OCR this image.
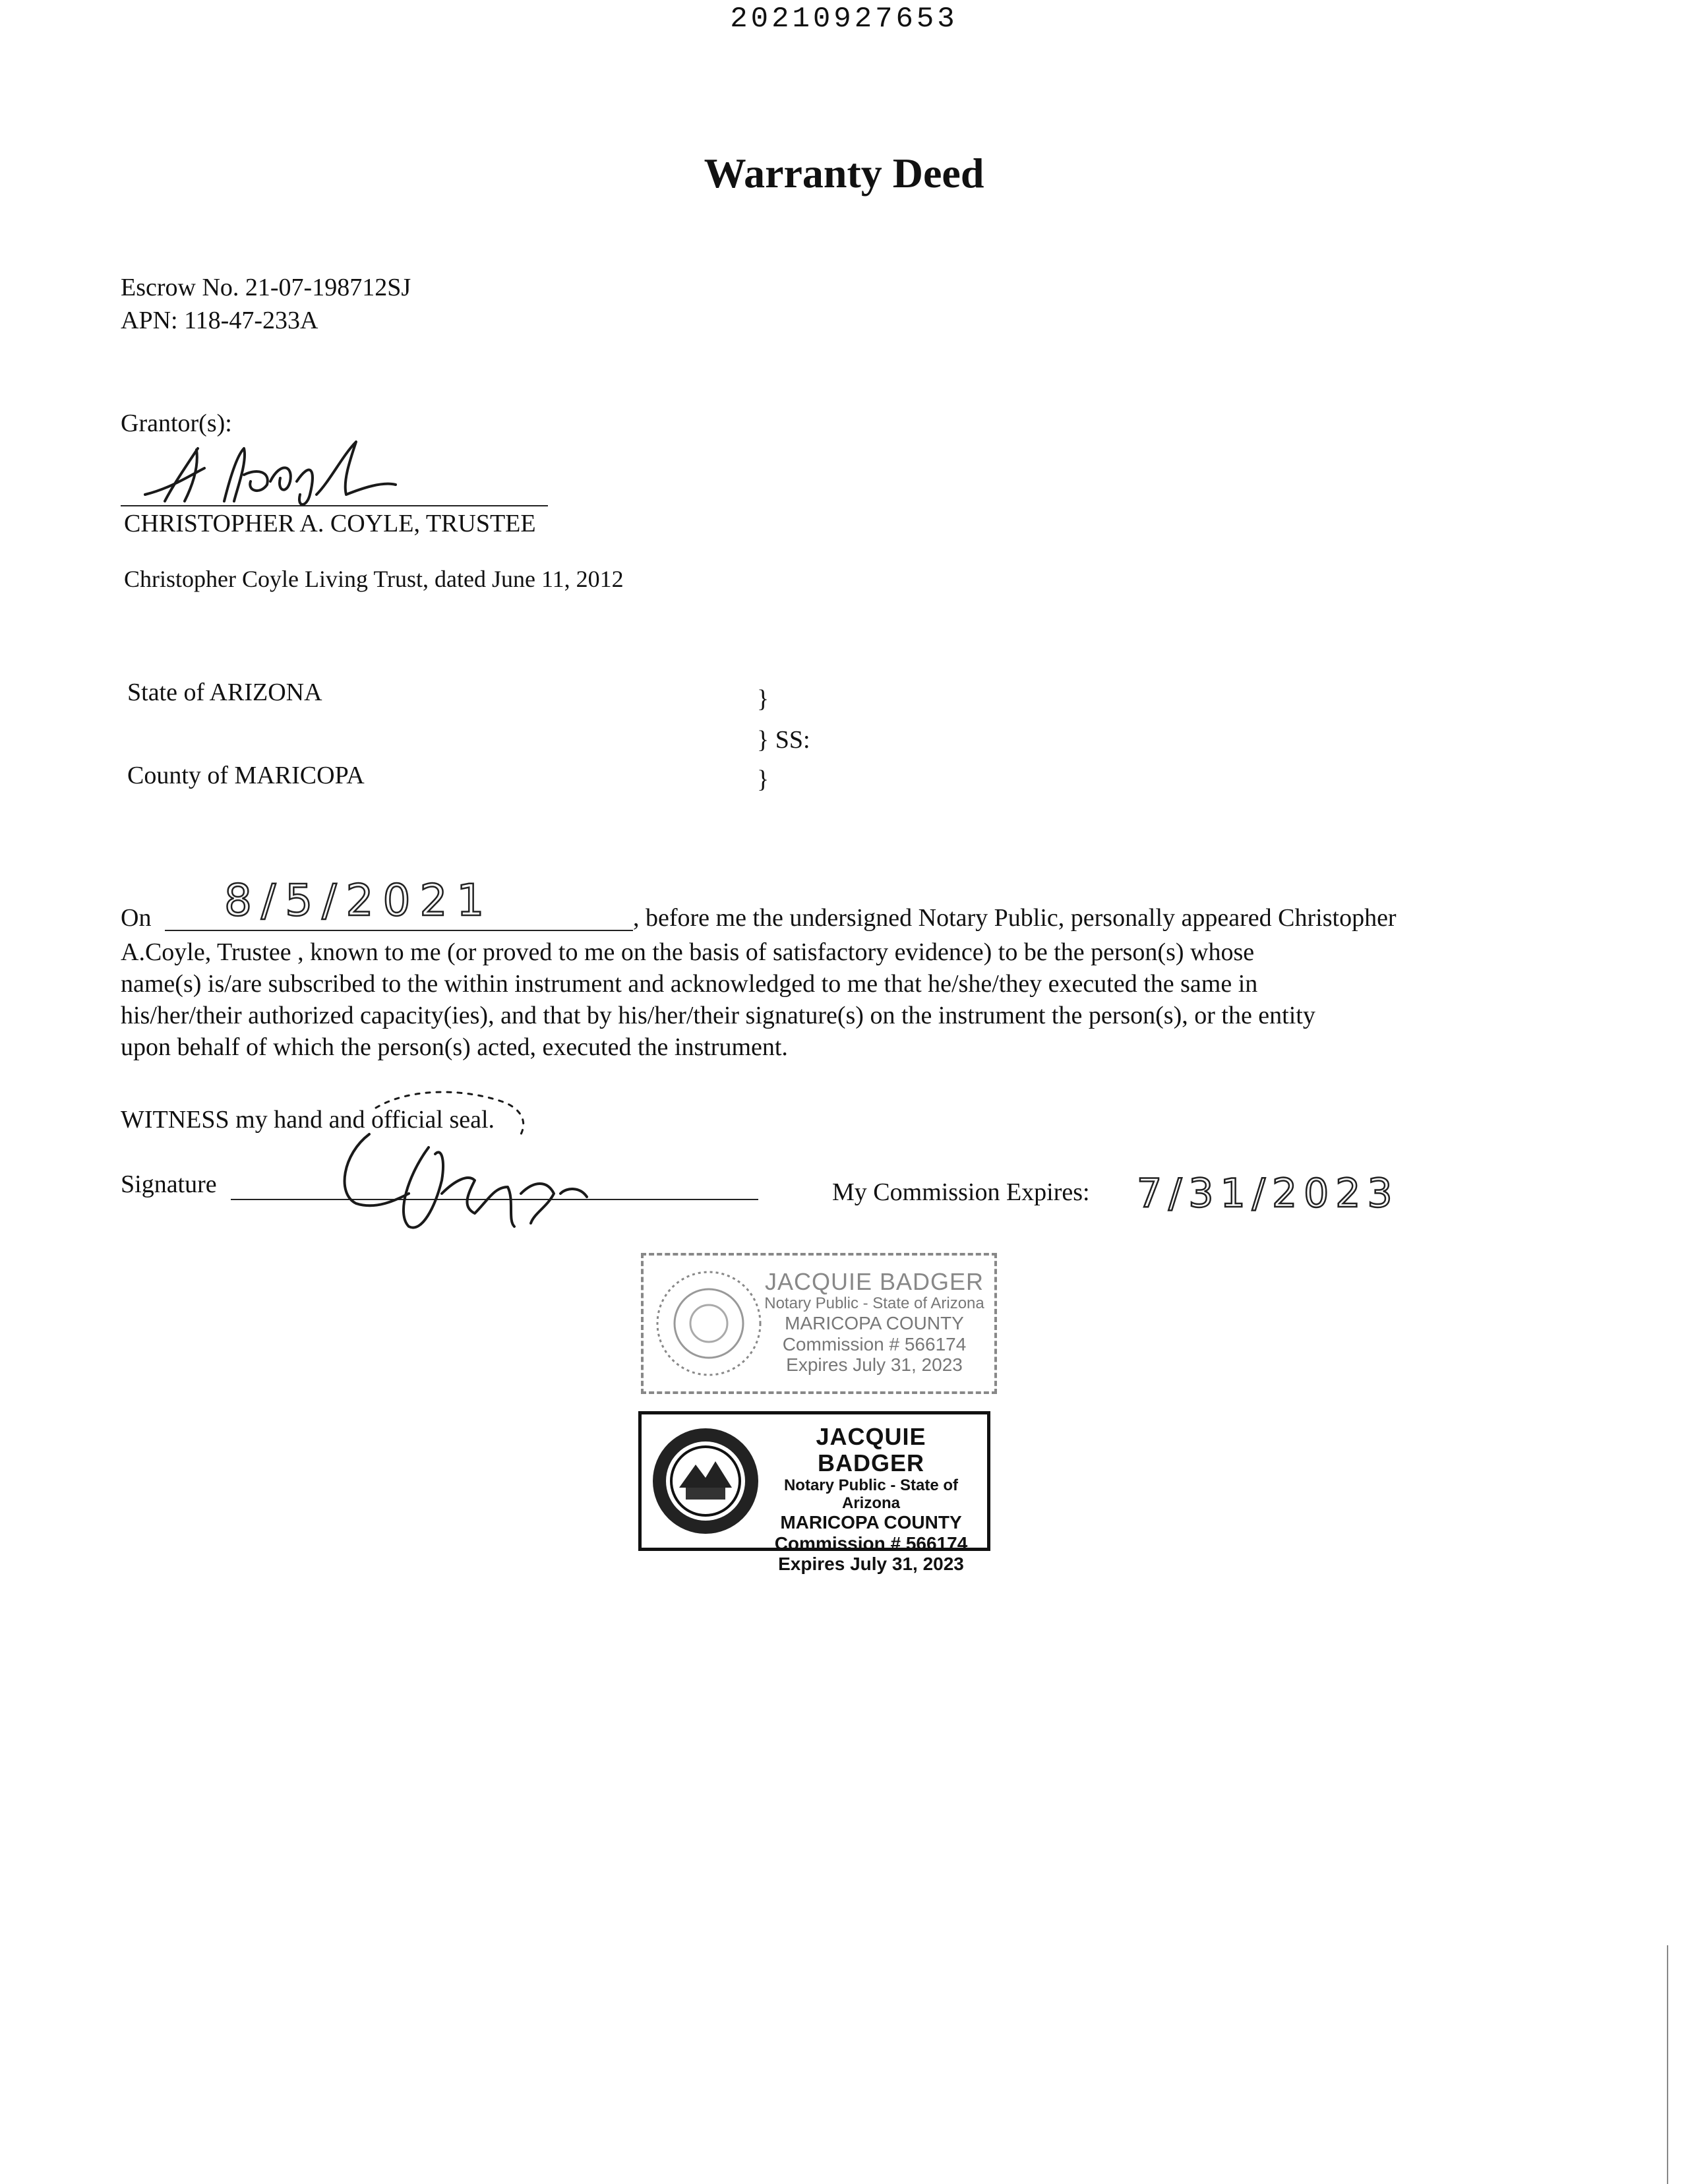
20210927653
Warranty Deed
Escrow No. 21-07-198712SJ
APN: 118-47-233A
Grantor(s):
CHRISTOPHER A. COYLE, TRUSTEE
Christopher Coyle Living Trust, dated June 11, 2012
State of ARIZONA
County of MARICOPA
}
} SS:
}
On 8/5/2021	, before me the undersigned Notary Public, personally appeared Christopher

A.Coyle, Trustee , known to me (or proved to me on the basis of satisfactory evidence) to be the person(s) whose

name(s) is/are subscribed to the within instrument and acknowledged to me that he/she/they executed the same in

his/her/their authorized capacity(ies), and that by his/her/their signature(s) on the instrument the person(s), or the entity

upon behalf of which the person(s) acted, executed the instrument.

WITNESS my hand and official seal.
Signature	My Commission Expires: 7/31/2023
JACQUIE BADGER
Notary Public - State of Arizona
MARICOPA COUNTY
Commission # 566174
Expires July 31, 2023
JACQUIE BADGER
Notary Public - State of Arizona
MARICOPA COUNTY
Commission # 566174
Expires July 31, 2023
